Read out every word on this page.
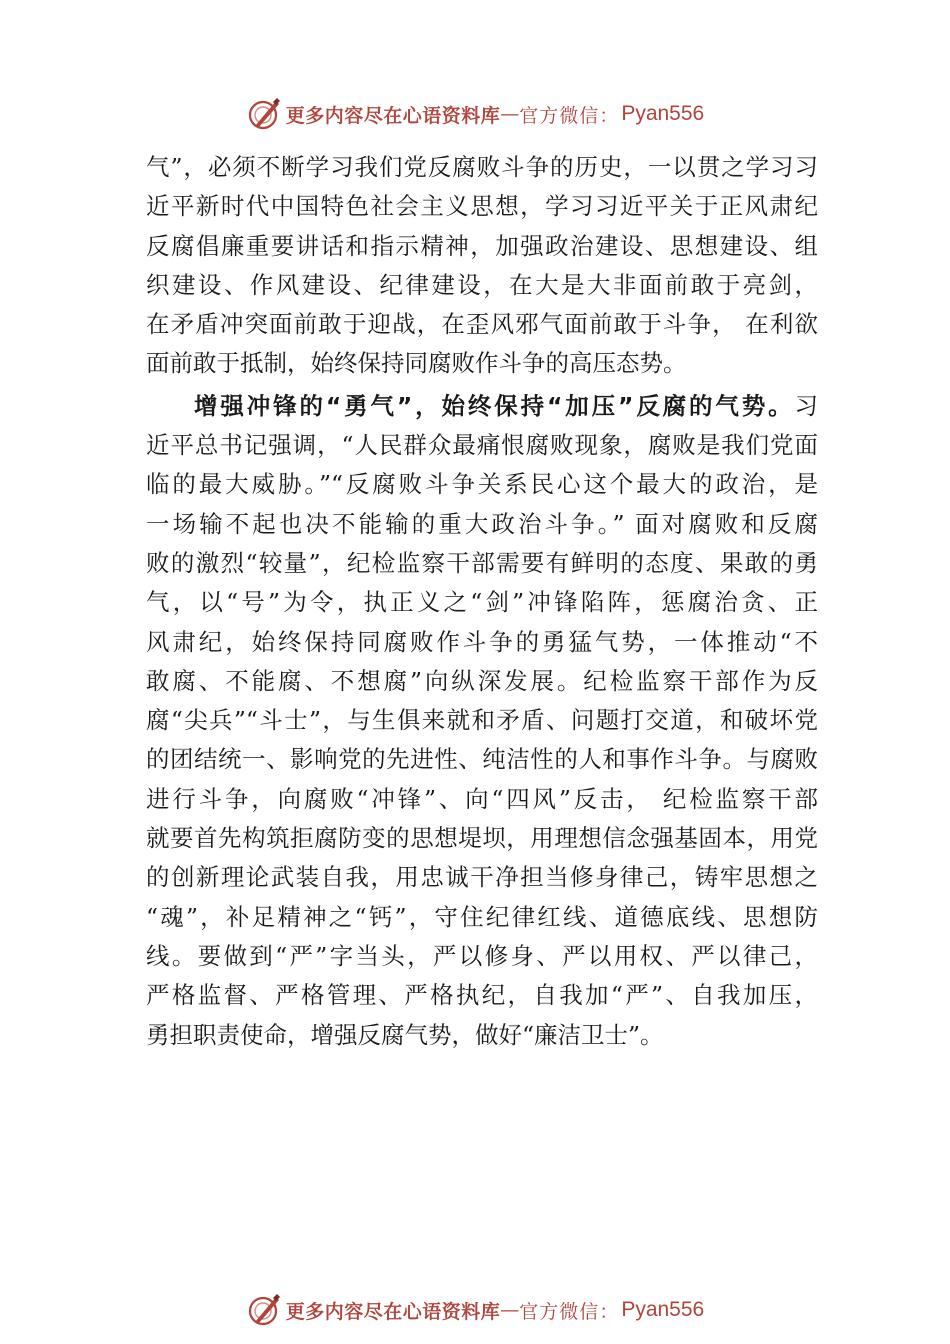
更多内容尽在心语资料库 — 官方微信： Pyan556
气”，必须不断学习我们党反腐败斗争的历史，一以贯之学习习
近平新时代中国特色社会主义思想，学习习近平关于正风肃纪
反腐倡廉重要讲话和指示精神，加强政治建设、思想建设、组
织建设、作风建设、纪律建设，在大是大非面前敢于亮剑，
在矛盾冲突面前敢于迎战，在歪风邪气面前敢于斗争， 在利欲
面前敢于抵制，始终保持同腐败作斗争的高压态势。
增强冲锋的“勇气”，始终保持“加压”反腐的气势。习
近平总书记强调，“人民群众最痛恨腐败现象，腐败是我们党面
临的最大威胁。”“反腐败斗争关系民心这个最大的政治，是
一场输不起也决不能输的重大政治斗争。” 面对腐败和反腐
败的激烈“较量”，纪检监察干部需要有鲜明的态度、果敢的勇
气，以“号”为令，执正义之“剑”冲锋陷阵，惩腐治贪、正
风肃纪，始终保持同腐败作斗争的勇猛气势，一体推动“不
敢腐、不能腐、不想腐”向纵深发展。纪检监察干部作为反
腐“尖兵”“斗士”，与生俱来就和矛盾、问题打交道，和破坏党
的团结统一、影响党的先进性、纯洁性的人和事作斗争。与腐败
进行斗争，向腐败“冲锋”、向“四风”反击， 纪检监察干部
就要首先构筑拒腐防变的思想堤坝，用理想信念强基固本，用党
的创新理论武装自我，用忠诚干净担当修身律己，铸牢思想之
“魂”，补足精神之“钙”，守住纪律红线、道德底线、思想防
线。要做到“严”字当头，严以修身、严以用权、严以律己，
严格监督、严格管理、严格执纪，自我加“严”、自我加压，
勇担职责使命，增强反腐气势，做好“廉洁卫士”。
更多内容尽在心语资料库 — 官方微信： Pyan556
